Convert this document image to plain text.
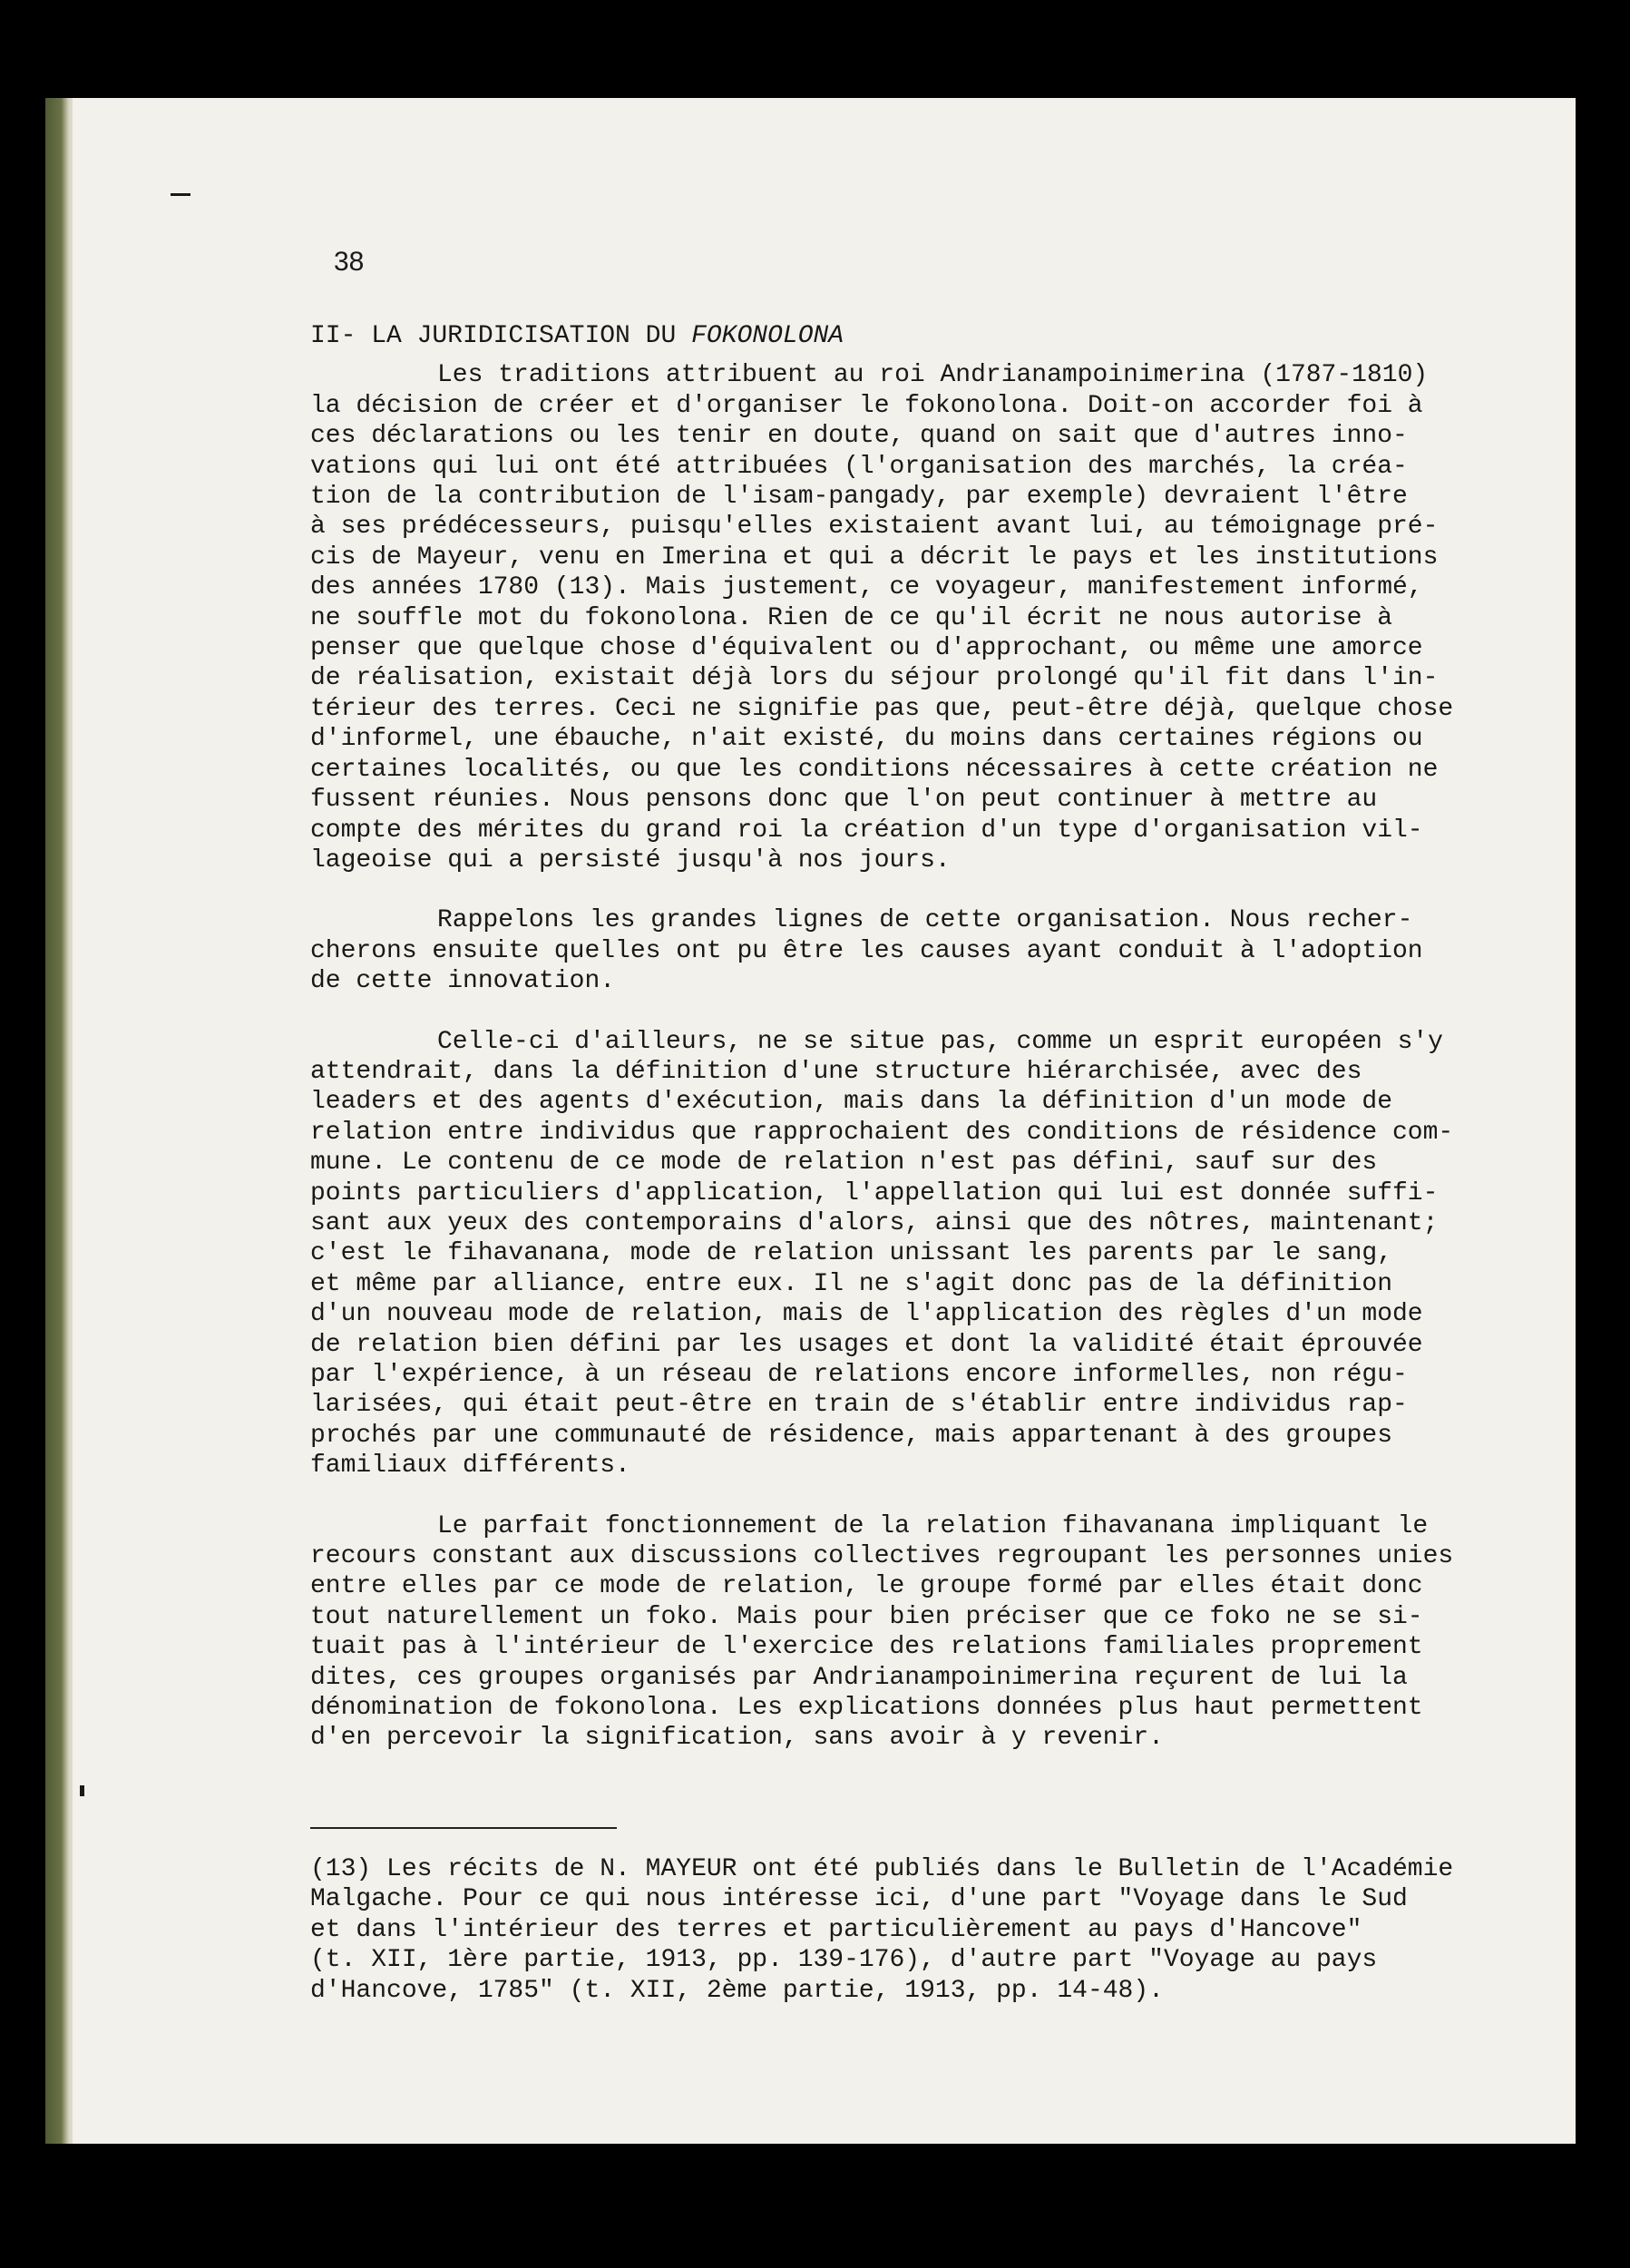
38
II- LA JURIDICISATION DU FOKONOLONA
Les traditions attribuent au roi Andrianampoinimerina (1787-1810)
la décision de créer et d'organiser le fokonolona. Doit-on accorder foi à
ces déclarations ou les tenir en doute, quand on sait que d'autres inno-
vations qui lui ont été attribuées (l'organisation des marchés, la créa-
tion de la contribution de l'isam-pangady, par exemple) devraient l'être
à ses prédécesseurs, puisqu'elles existaient avant lui, au témoignage pré-
cis de Mayeur, venu en Imerina et qui a décrit le pays et les institutions
des années 1780 (13). Mais justement, ce voyageur, manifestement informé,
ne souffle mot du fokonolona. Rien de ce qu'il écrit ne nous autorise à
penser que quelque chose d'équivalent ou d'approchant, ou même une amorce
de réalisation, existait déjà lors du séjour prolongé qu'il fit dans l'in-
térieur des terres. Ceci ne signifie pas que, peut-être déjà, quelque chose
d'informel, une ébauche, n'ait existé, du moins dans certaines régions ou
certaines localités, ou que les conditions nécessaires à cette création ne
fussent réunies. Nous pensons donc que l'on peut continuer à mettre au
compte des mérites du grand roi la création d'un type d'organisation vil-
lageoise qui a persisté jusqu'à nos jours.
Rappelons les grandes lignes de cette organisation. Nous recher-
cherons ensuite quelles ont pu être les causes ayant conduit à l'adoption
de cette innovation.
Celle-ci d'ailleurs, ne se situe pas, comme un esprit européen s'y
attendrait, dans la définition d'une structure hiérarchisée, avec des
leaders et des agents d'exécution, mais dans la définition d'un mode de
relation entre individus que rapprochaient des conditions de résidence com-
mune. Le contenu de ce mode de relation n'est pas défini, sauf sur des
points particuliers d'application, l'appellation qui lui est donnée suffi-
sant aux yeux des contemporains d'alors, ainsi que des nôtres, maintenant;
c'est le fihavanana, mode de relation unissant les parents par le sang,
et même par alliance, entre eux. Il ne s'agit donc pas de la définition
d'un nouveau mode de relation, mais de l'application des règles d'un mode
de relation bien défini par les usages et dont la validité était éprouvée
par l'expérience, à un réseau de relations encore informelles, non régu-
larisées, qui était peut-être en train de s'établir entre individus rap-
prochés par une communauté de résidence, mais appartenant à des groupes
familiaux différents.
Le parfait fonctionnement de la relation fihavanana impliquant le
recours constant aux discussions collectives regroupant les personnes unies
entre elles par ce mode de relation, le groupe formé par elles était donc
tout naturellement un foko. Mais pour bien préciser que ce foko ne se si-
tuait pas à l'intérieur de l'exercice des relations familiales proprement
dites, ces groupes organisés par Andrianampoinimerina reçurent de lui la
dénomination de fokonolona. Les explications données plus haut permettent
d'en percevoir la signification, sans avoir à y revenir.
(13) Les récits de N. MAYEUR ont été publiés dans le Bulletin de l'Académie
Malgache. Pour ce qui nous intéresse ici, d'une part "Voyage dans le Sud
et dans l'intérieur des terres et particulièrement au pays d'Hancove"
(t. XII, 1ère partie, 1913, pp. 139-176), d'autre part "Voyage au pays
d'Hancove, 1785" (t. XII, 2ème partie, 1913, pp. 14-48).
